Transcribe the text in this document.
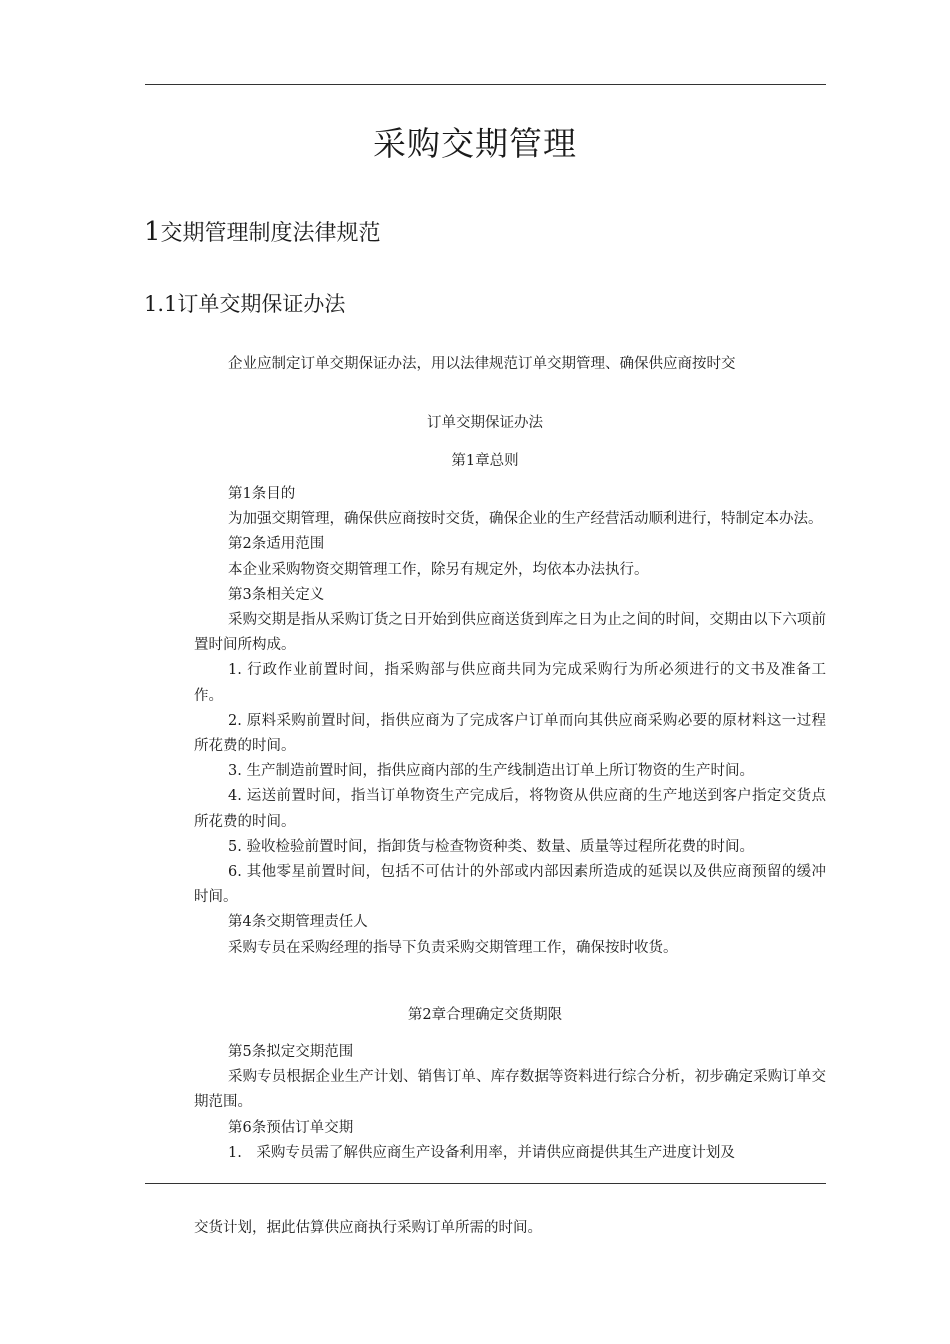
采购交期管理
1交期管理制度法律规范
1.1订单交期保证办法
企业应制定订单交期保证办法，用以法律规范订单交期管理、确保供应商按时交
订单交期保证办法
第1章总则

第1条目的

为加强交期管理，确保供应商按时交货，确保企业的生产经营活动顺利进行，特制定本办法。

第2条适用范围

本企业采购物资交期管理工作，除另有规定外，均依本办法执行。

第3条相关定义

采购交期是指从采购订货之日开始到供应商送货到库之日为止之间的时间，交期由以下六项前置时间所构成。

1. 行政作业前置时间，指采购部与供应商共同为完成采购行为所必须进行的文书及准备工作。

2. 原料采购前置时间，指供应商为了完成客户订单而向其供应商采购必要的原材料这一过程所花费的时间。

3. 生产制造前置时间，指供应商内部的生产线制造出订单上所订物资的生产时间。

4. 运送前置时间，指当订单物资生产完成后，将物资从供应商的生产地送到客户指定交货点所花费的时间。

5. 验收检验前置时间，指卸货与检查物资种类、数量、质量等过程所花费的时间。

6. 其他零星前置时间，包括不可估计的外部或内部因素所造成的延误以及供应商预留的缓冲时间。

第4条交期管理责任人

采购专员在采购经理的指导下负责采购交期管理工作，确保按时收货。

第2章合理确定交货期限

第5条拟定交期范围

采购专员根据企业生产计划、销售订单、库存数据等资料进行综合分析，初步确定采购订单交期范围。

第6条预估订单交期

1.　采购专员需了解供应商生产设备利用率，并请供应商提供其生产进度计划及

交货计划，据此估算供应商执行采购订单所需的时间。
